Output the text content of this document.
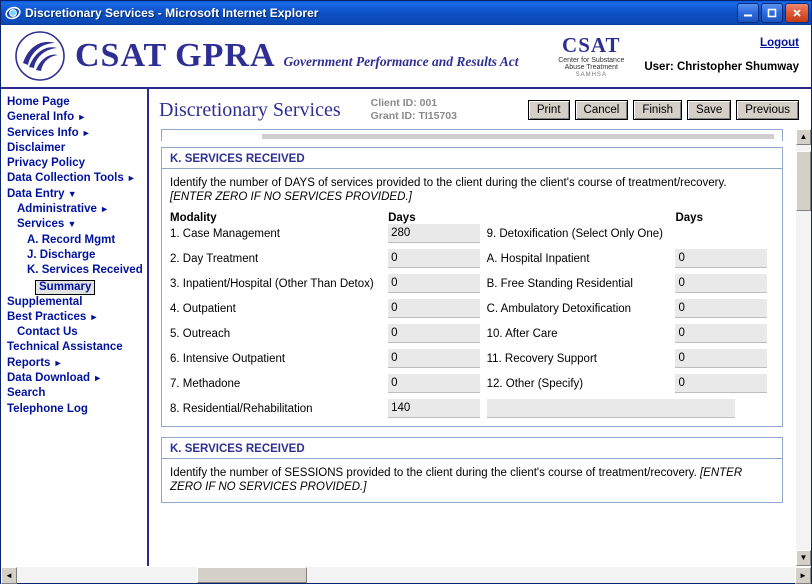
Discretionary Services - Microsoft Internet Explorer
CSAT GPRA Government Performance and Results Act
CSAT
Center for Substance
Abuse Treatment
SAMHSA
Logout
User: Christopher Shumway
Home Page
General Info ►
Services Info ►
Disclaimer
Privacy Policy
Data Collection Tools ►
Data Entry ▼
Administrative ►
Services ▼
A. Record Mgmt
J. Discharge
K. Services Received
Summary
Supplemental
Best Practices ►
Contact Us
Technical Assistance
Reports ►
Data Download ►
Search
Telephone Log
Discretionary Services	Client ID: 001
Grant ID: TI15703	Print	Cancel	Finish	Save	Previous
K. SERVICES RECEIVED
Identify the number of DAYS of services provided to the client during the client's course of treatment/recovery.
[ENTER ZERO IF NO SERVICES PROVIDED.]
Modality	Days		Days
1. Case Management	280	9. Detoxification (Select Only One)	
2. Day Treatment	0	A. Hospital Inpatient	0
3. Inpatient/Hospital (Other Than Detox)	0	B. Free Standing Residential	0
4. Outpatient	0	C. Ambulatory Detoxification	0
5. Outreach	0	10. After Care	0
6. Intensive Outpatient	0	11. Recovery Support	0
7. Methadone	0	12. Other (Specify)	0
8. Residential/Rehabilitation	140	
K. SERVICES RECEIVED
Identify the number of SESSIONS provided to the client during the client's course of treatment/recovery. [ENTER ZERO IF NO SERVICES PROVIDED.]
▲
▼
◄	►
